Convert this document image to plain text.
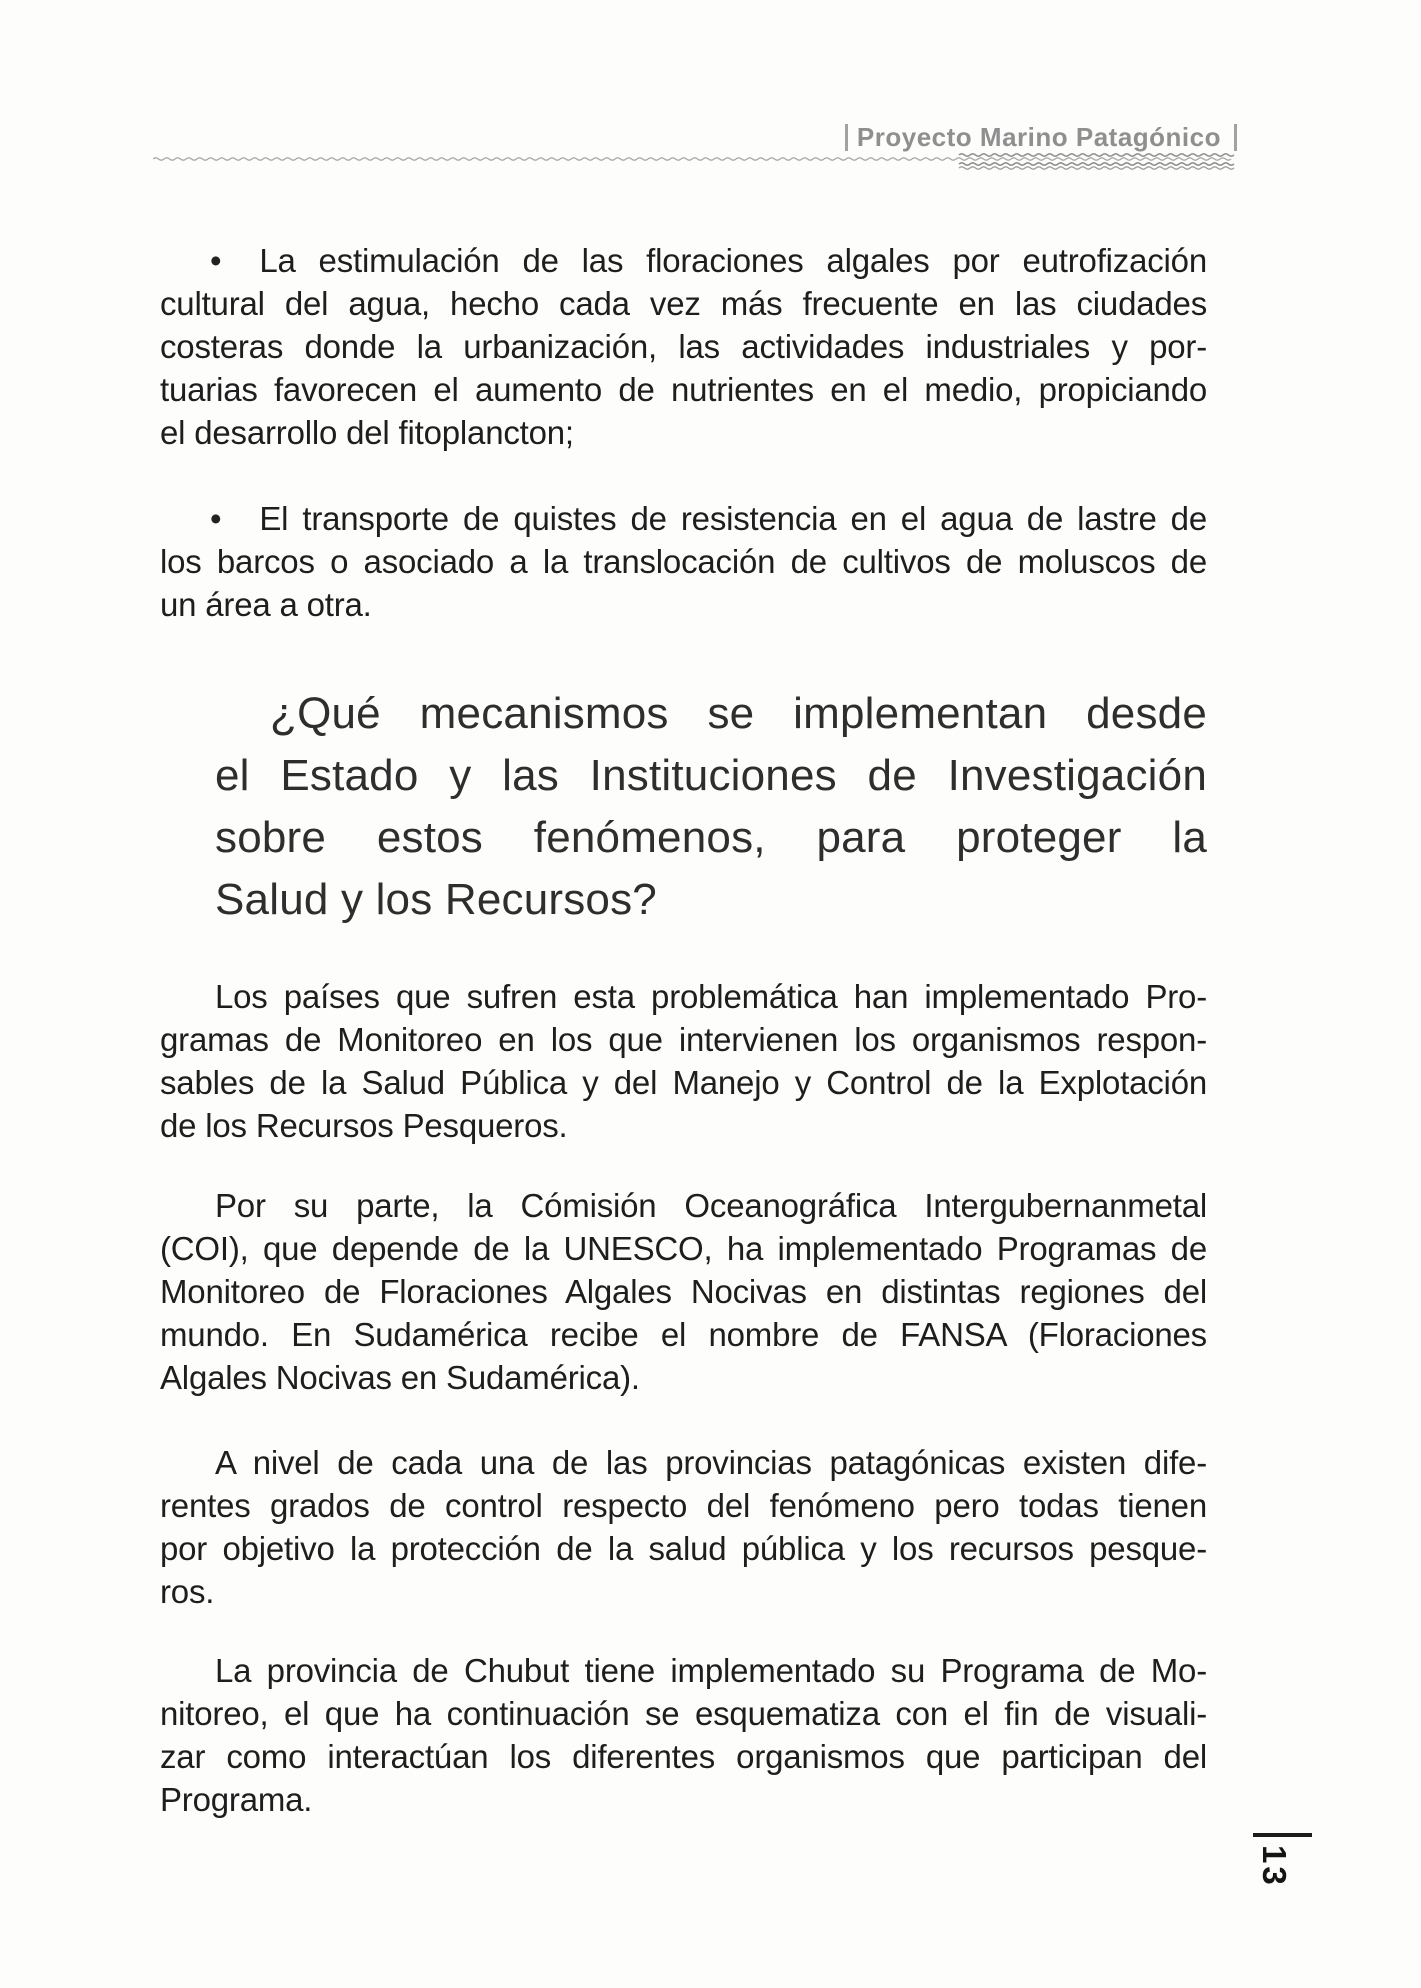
Proyecto Marino Patagónico
• La estimulación de las floraciones algales por eutrofización
cultural del agua, hecho cada vez más frecuente en las ciudades
costeras donde la urbanización, las actividades industriales y por-
tuarias favorecen el aumento de nutrientes en el medio, propiciando
el desarrollo del fitoplancton;
• El transporte de quistes de resistencia en el agua de lastre de
los barcos o asociado a la translocación de cultivos de moluscos de
un área a otra.
¿Qué mecanismos se implementan desde
el Estado y las Instituciones de Investigación
sobre estos fenómenos, para proteger la
Salud y los Recursos?
Los países que sufren esta problemática han implementado Pro-
gramas de Monitoreo en los que intervienen los organismos respon-
sables de la Salud Pública y del Manejo y Control de la Explotación
de los Recursos Pesqueros.
Por su parte, la Cómisión Oceanográfica Intergubernanmetal
(COI), que depende de la UNESCO, ha implementado Programas de
Monitoreo de Floraciones Algales Nocivas en distintas regiones del
mundo. En Sudamérica recibe el nombre de FANSA (Floraciones
Algales Nocivas en Sudamérica).
A nivel de cada una de las provincias patagónicas existen dife-
rentes grados de control respecto del fenómeno pero todas tienen
por objetivo la protección de la salud pública y los recursos pesque-
ros.
La provincia de Chubut tiene implementado su Programa de Mo-
nitoreo, el que ha continuación se esquematiza con el fin de visuali-
zar como interactúan los diferentes organismos que participan del
Programa.
13
